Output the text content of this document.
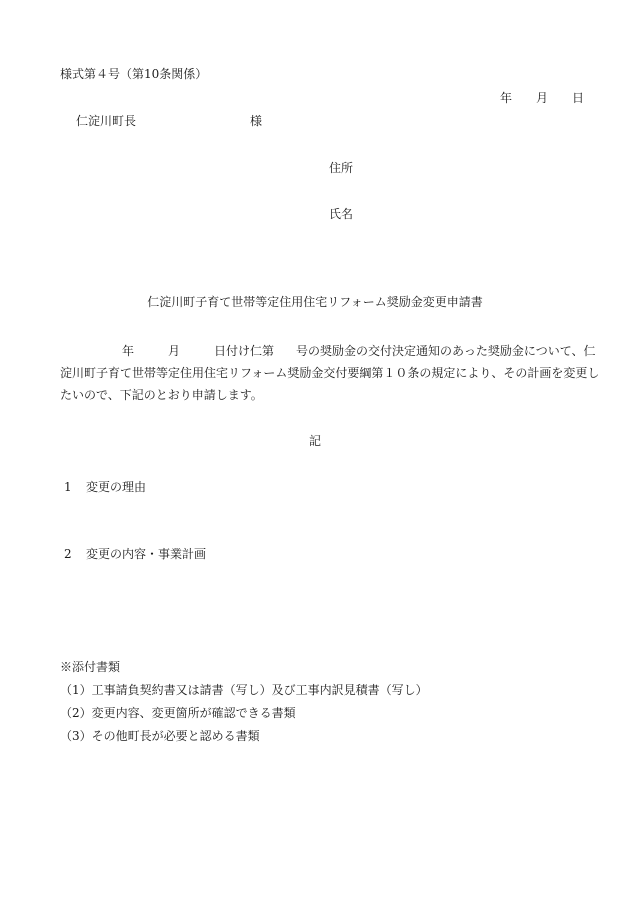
様式第４号（第10条関係）
年 月 日
仁淀川町長	様
住所
氏名
仁淀川町子育て世帯等定住用住宅リフォーム奨励金変更申請書
年	月	日付け仁第 号の奨励金の交付決定通知のあった奨励金について、仁
淀川町子育て世帯等定住用住宅リフォーム奨励金交付要綱第１０条の規定により、その計画を変更し
たいので、下記のとおり申請します。
記
1 変更の理由
2 変更の内容・事業計画
※添付書類
（1）工事請負契約書又は請書（写し）及び工事内訳見積書（写し）
（2）変更内容、変更箇所が確認できる書類
（3）その他町長が必要と認める書類
